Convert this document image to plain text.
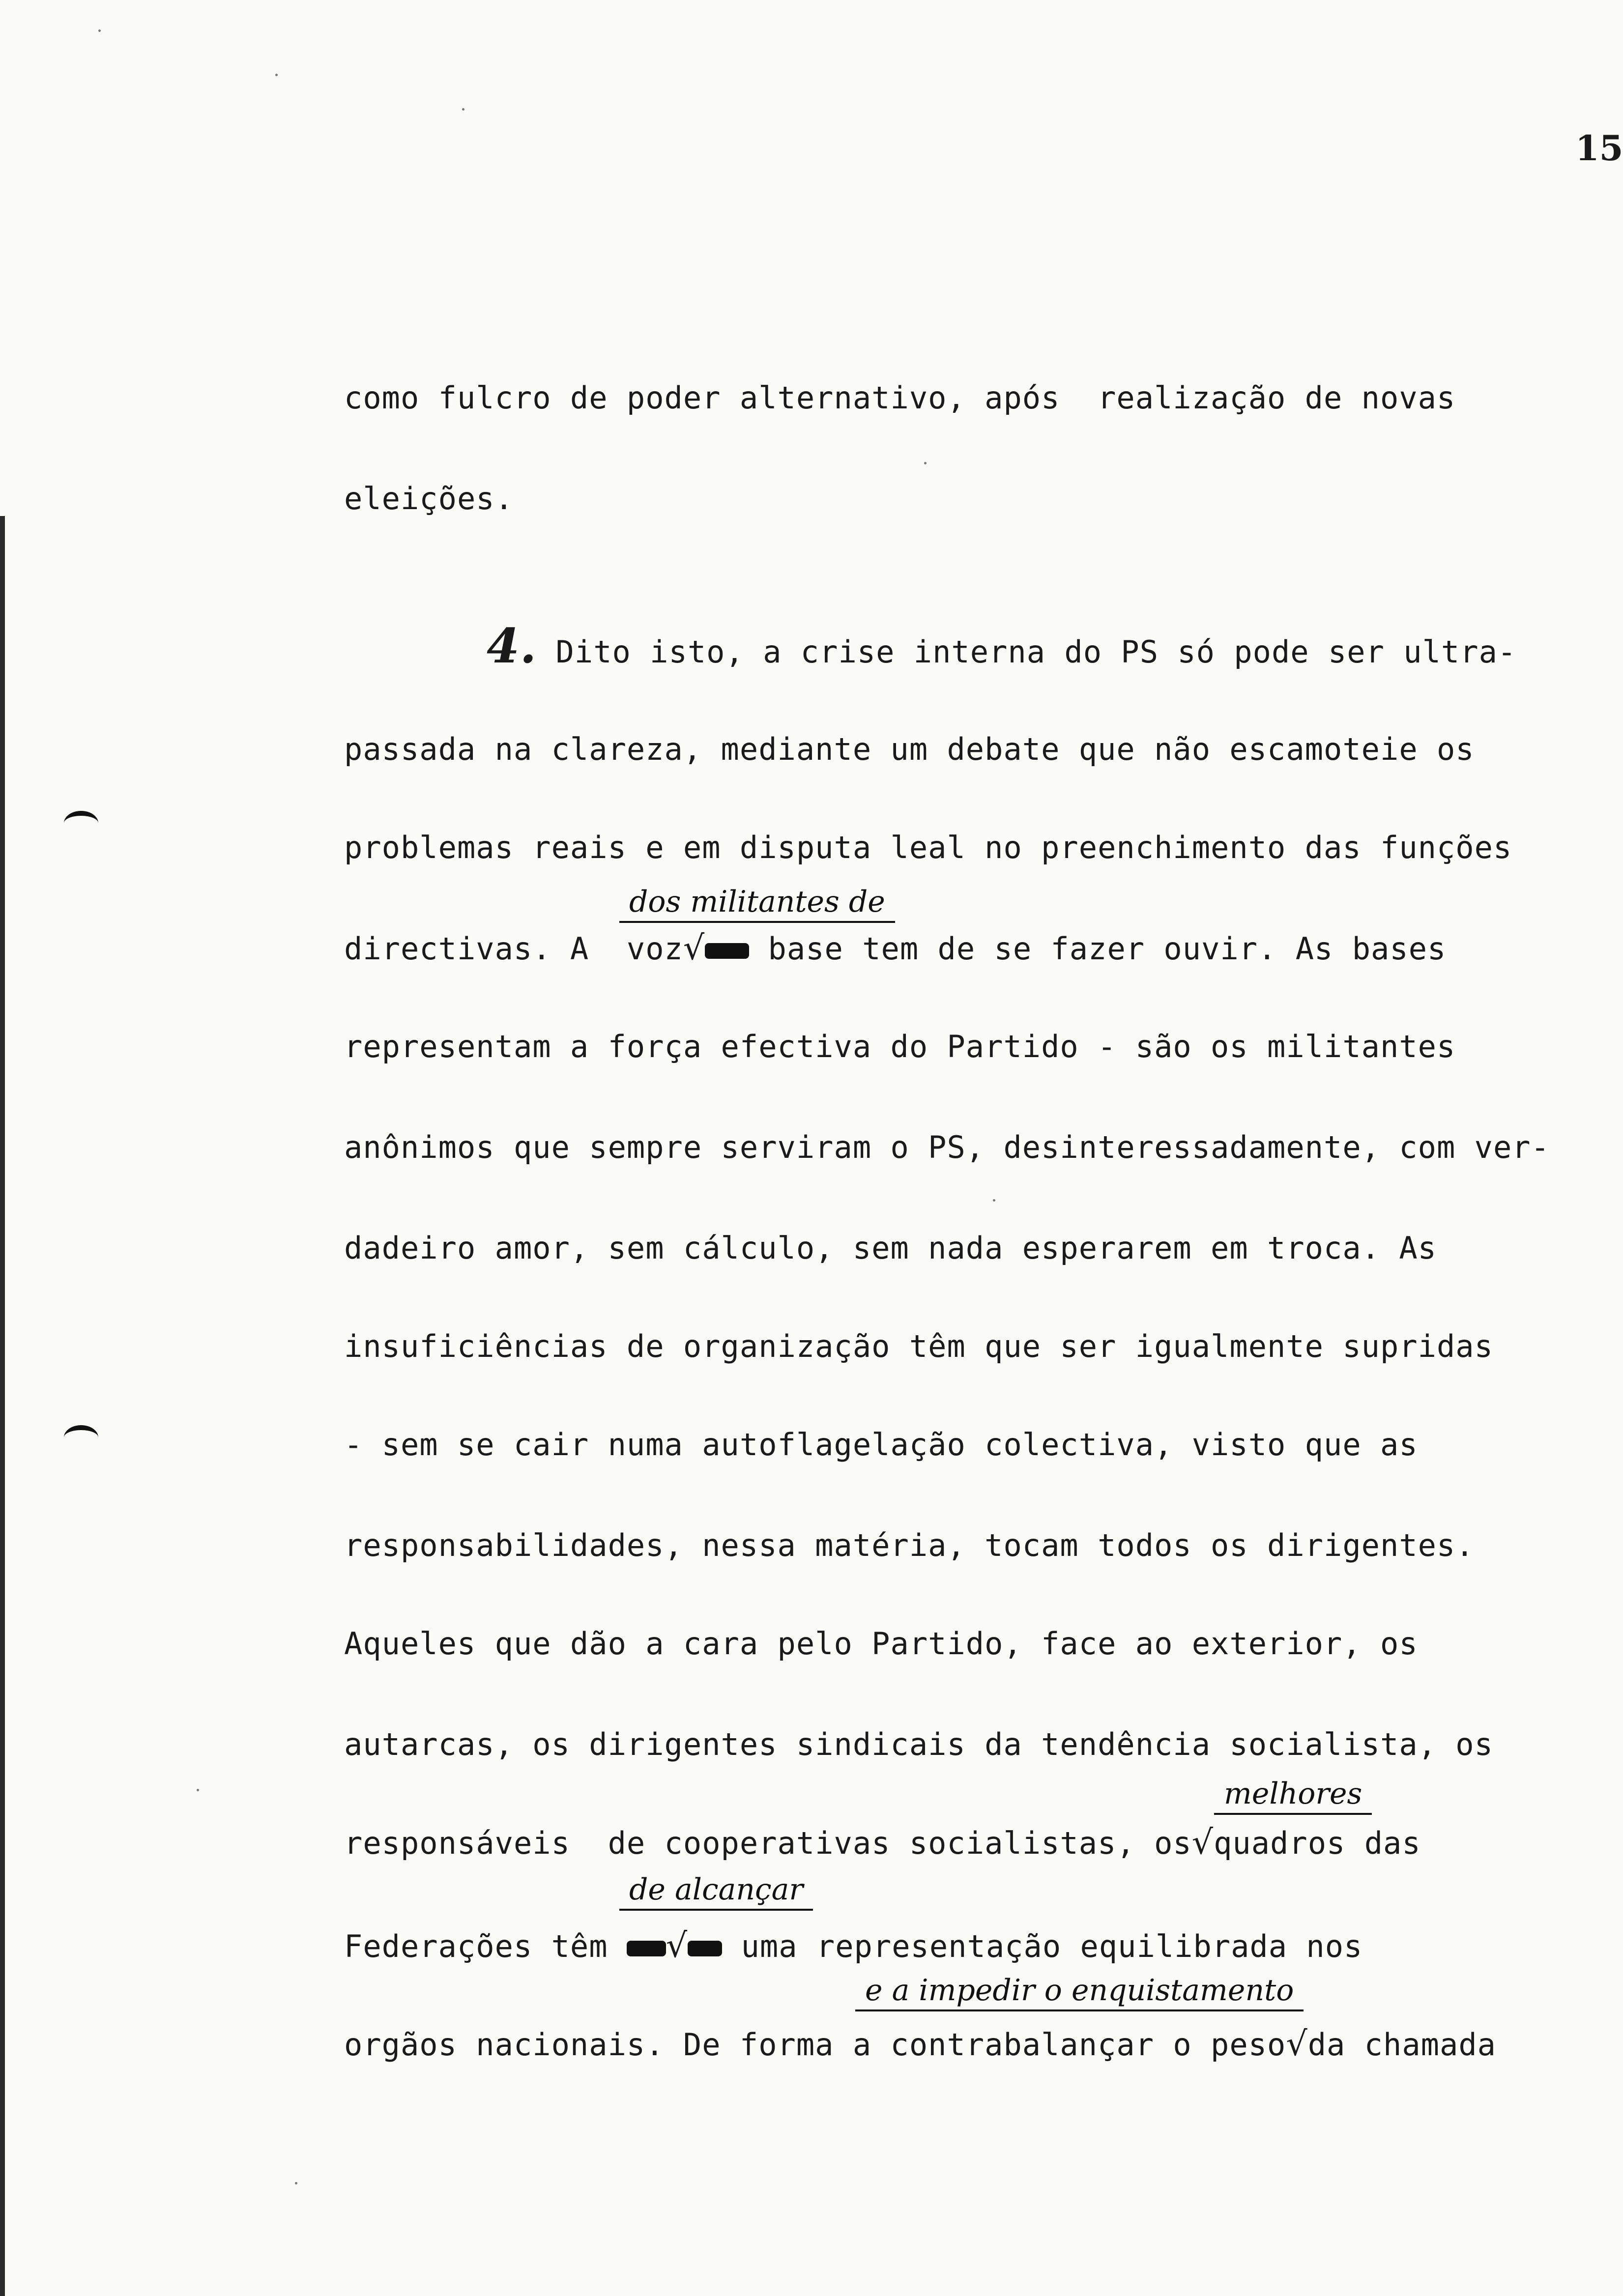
15
como fulcro de poder alternativo, após  realização de novas
eleições.
4. Dito isto, a crise interna do PS só pode ser ultra-
passada na clareza, mediante um debate que não escamoteie os
problemas reais e em disputa leal no preenchimento das funções
dos militantes de
directivas. A  voz√ base tem de se fazer ouvir. As bases
representam a força efectiva do Partido - são os militantes
anônimos que sempre serviram o PS, desinteressadamente, com ver-
dadeiro amor, sem cálculo, sem nada esperarem em troca. As
insuficiências de organização têm que ser igualmente supridas
- sem se cair numa autoflagelação colectiva, visto que as
responsabilidades, nessa matéria, tocam todos os dirigentes.
Aqueles que dão a cara pelo Partido, face ao exterior, os
autarcas, os dirigentes sindicais da tendência socialista, os
melhores
responsáveis  de cooperativas socialistas, os√quadros das
de alcançar
Federações têm √ uma representação equilibrada nos
e a impedir o enquistamento
orgãos nacionais. De forma a contrabalançar o peso√da chamada
